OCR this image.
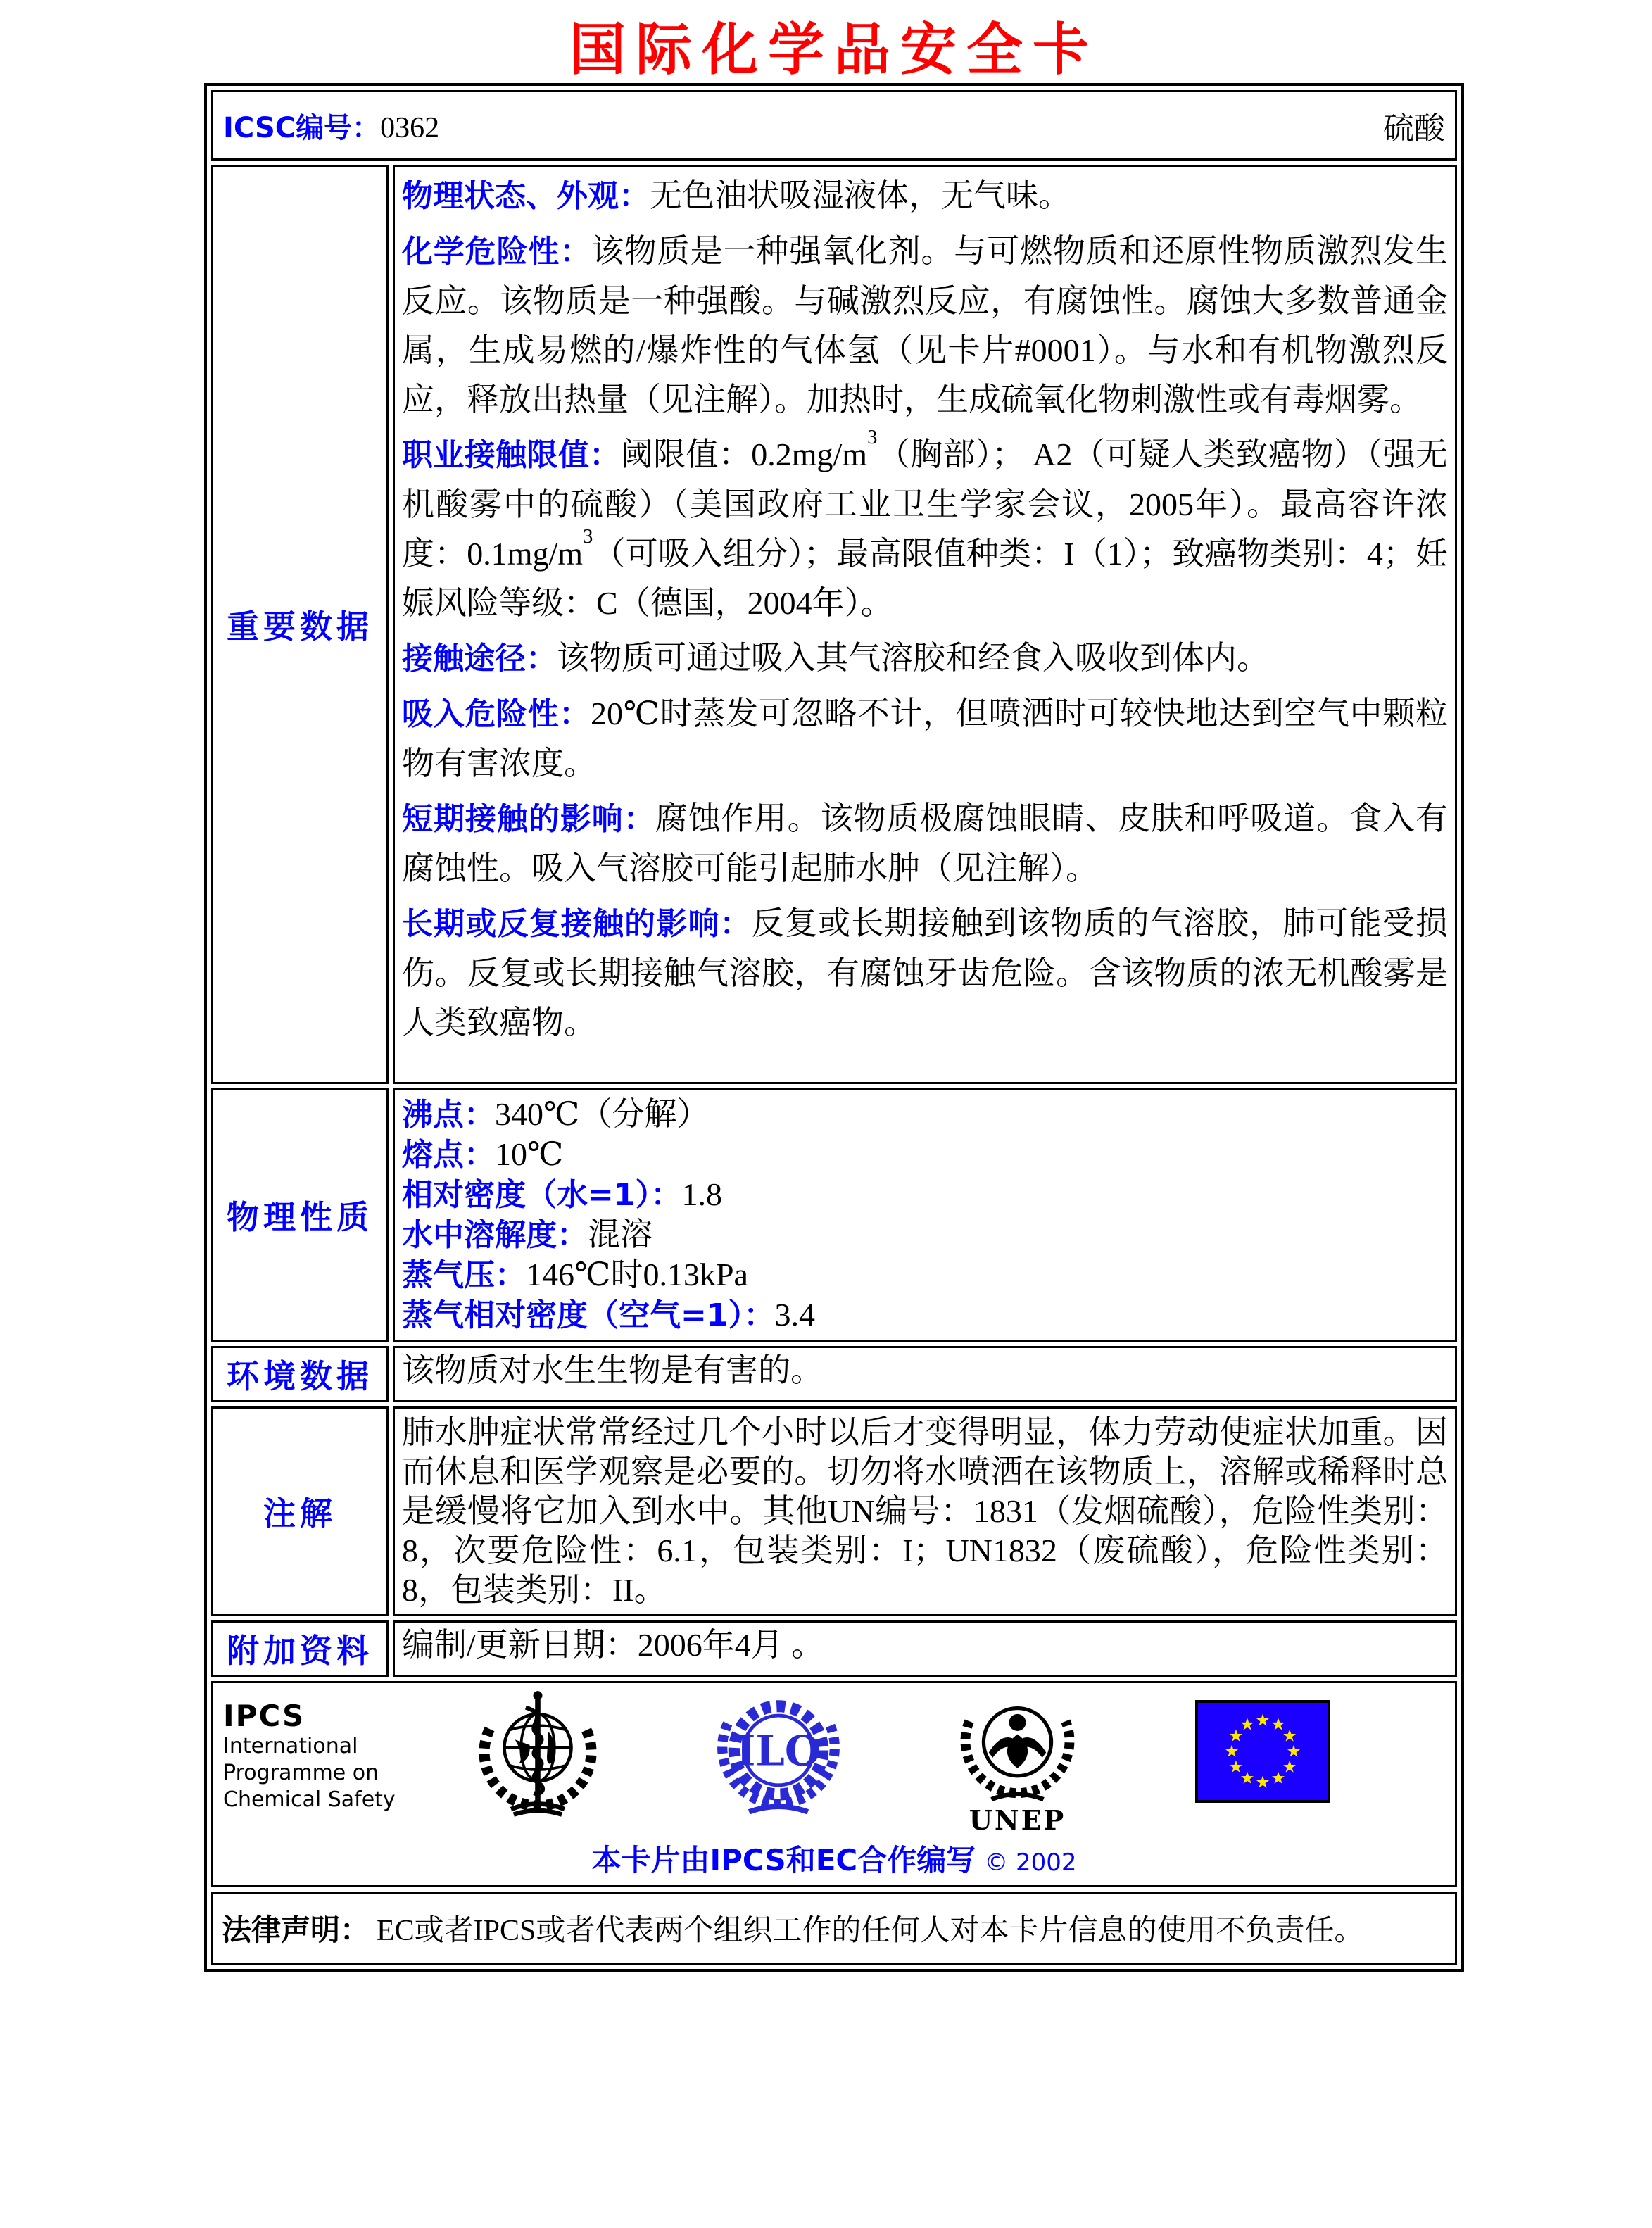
国际化学品安全卡
ICSC编号：0362	硫酸
重要数据

物理状态、外观：无色油状吸湿液体，无气味。

化学危险性：该物质是一种强氧化剂。与可燃物质和还原性物质激烈发生反应。该物质是一种强酸。与碱激烈反应，有腐蚀性。腐蚀大多数普通金属，生成易燃的/爆炸性的气体氢（见卡片#0001）。与水和有机物激烈反应，释放出热量（见注解）。加热时，生成硫氧化物刺激性或有毒烟雾。

职业接触限值：阈限值：$0.2mg/m^3$（胸部）； A2（可疑人类致癌物）（强无机酸雾中的硫酸）（美国政府工业卫生学家会议，2005年）。最高容许浓度：$0.1mg/m^3$（可吸入组分）；最高限值种类：I（1）；致癌物类别：4；妊娠风险等级：C（德国，2004年）。

接触途径：该物质可通过吸入其气溶胶和经食入吸收到体内。

吸入危险性：20℃时蒸发可忽略不计，但喷洒时可较快地达到空气中颗粒物有害浓度。

短期接触的影响：腐蚀作用。该物质极腐蚀眼睛、皮肤和呼吸道。食入有腐蚀性。吸入气溶胶可能引起肺水肿（见注解）。

长期或反复接触的影响：反复或长期接触到该物质的气溶胶，肺可能受损伤。反复或长期接触气溶胶，有腐蚀牙齿危险。含该物质的浓无机酸雾是人类致癌物。

物理性质

沸点：340℃（分解）

熔点：10℃

相对密度（水=1）：1.8

水中溶解度：混溶

蒸气压：146℃时0.13kPa

蒸气相对密度（空气=1）：3.4

环境数据 该物质对水生生物是有害的。

注解

肺水肿症状常常经过几个小时以后才变得明显，体力劳动使症状加重。因而休息和医学观察是必要的。切勿将水喷洒在该物质上，溶解或稀释时总是缓慢将它加入到水中。其他UN编号：1831（发烟硫酸），危险性类别：8，次要危险性：6.1，包装类别：I；UN1832（废硫酸），危险性类别：8，包装类别：II。

附加资料 编制/更新日期：2006年4月 。

IPCS
International
Programme on
Chemical Safety
ILO
UNEP
本卡片由IPCS和EC合作编写 © 2002
法律声明： EC或者IPCS或者代表两个组织工作的任何人对本卡片信息的使用不负责任。
